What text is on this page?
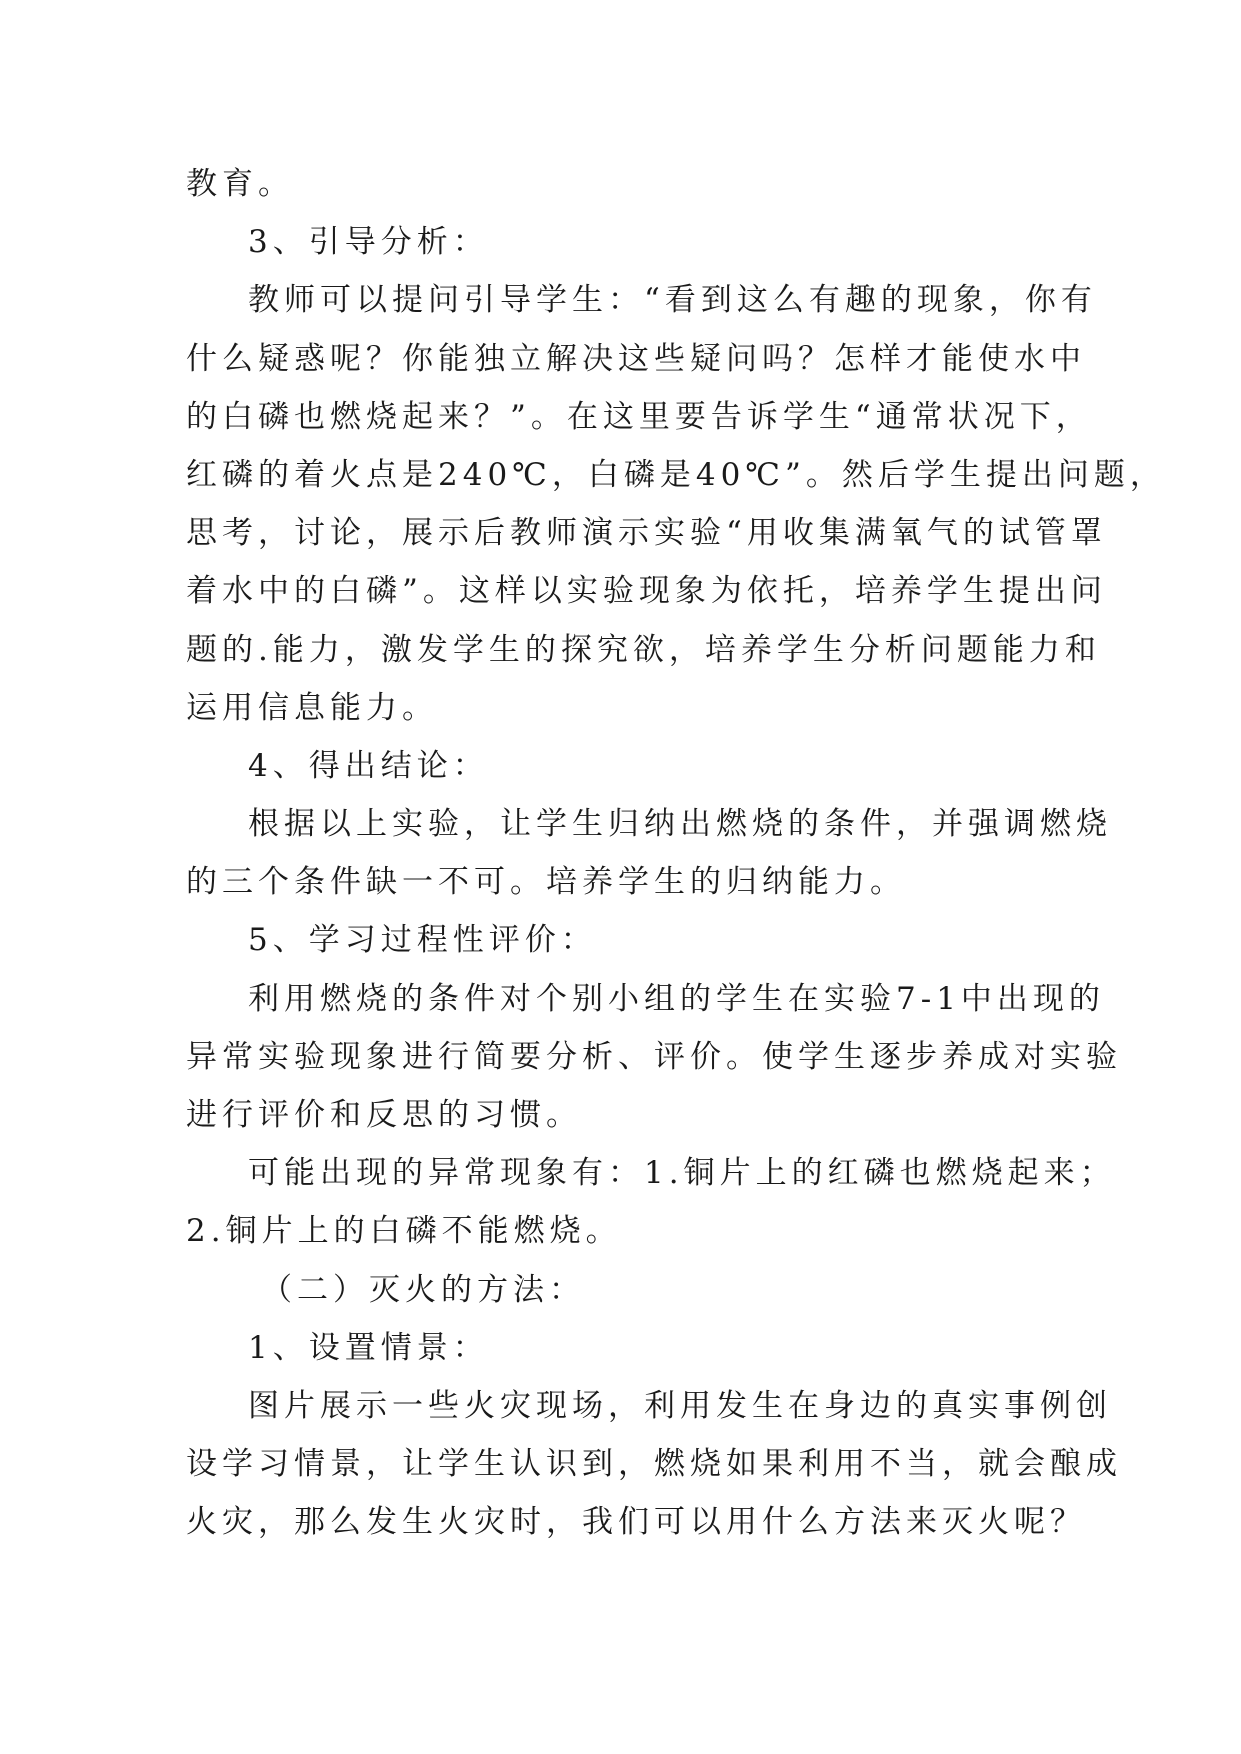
教育。

3、引导分析：

教师可以提问引导学生：“看到这么有趣的现象，你有

什么疑惑呢？你能独立解决这些疑问吗？怎样才能使水中

的白磷也燃烧起来？”。在这里要告诉学生“通常状况下，

红磷的着火点是240℃，白磷是40℃”。然后学生提出问题，

思考，讨论，展示后教师演示实验“用收集满氧气的试管罩

着水中的白磷”。这样以实验现象为依托，培养学生提出问

题的.能力，激发学生的探究欲，培养学生分析问题能力和

运用信息能力。

4、得出结论：

根据以上实验，让学生归纳出燃烧的条件，并强调燃烧

的三个条件缺一不可。培养学生的归纳能力。

5、学习过程性评价：

利用燃烧的条件对个别小组的学生在实验7-1中出现的

异常实验现象进行简要分析、评价。使学生逐步养成对实验

进行评价和反思的习惯。

可能出现的异常现象有：1.铜片上的红磷也燃烧起来；

2.铜片上的白磷不能燃烧。

（二）灭火的方法：

1、设置情景：

图片展示一些火灾现场，利用发生在身边的真实事例创

设学习情景，让学生认识到，燃烧如果利用不当，就会酿成

火灾，那么发生火灾时，我们可以用什么方法来灭火呢？
